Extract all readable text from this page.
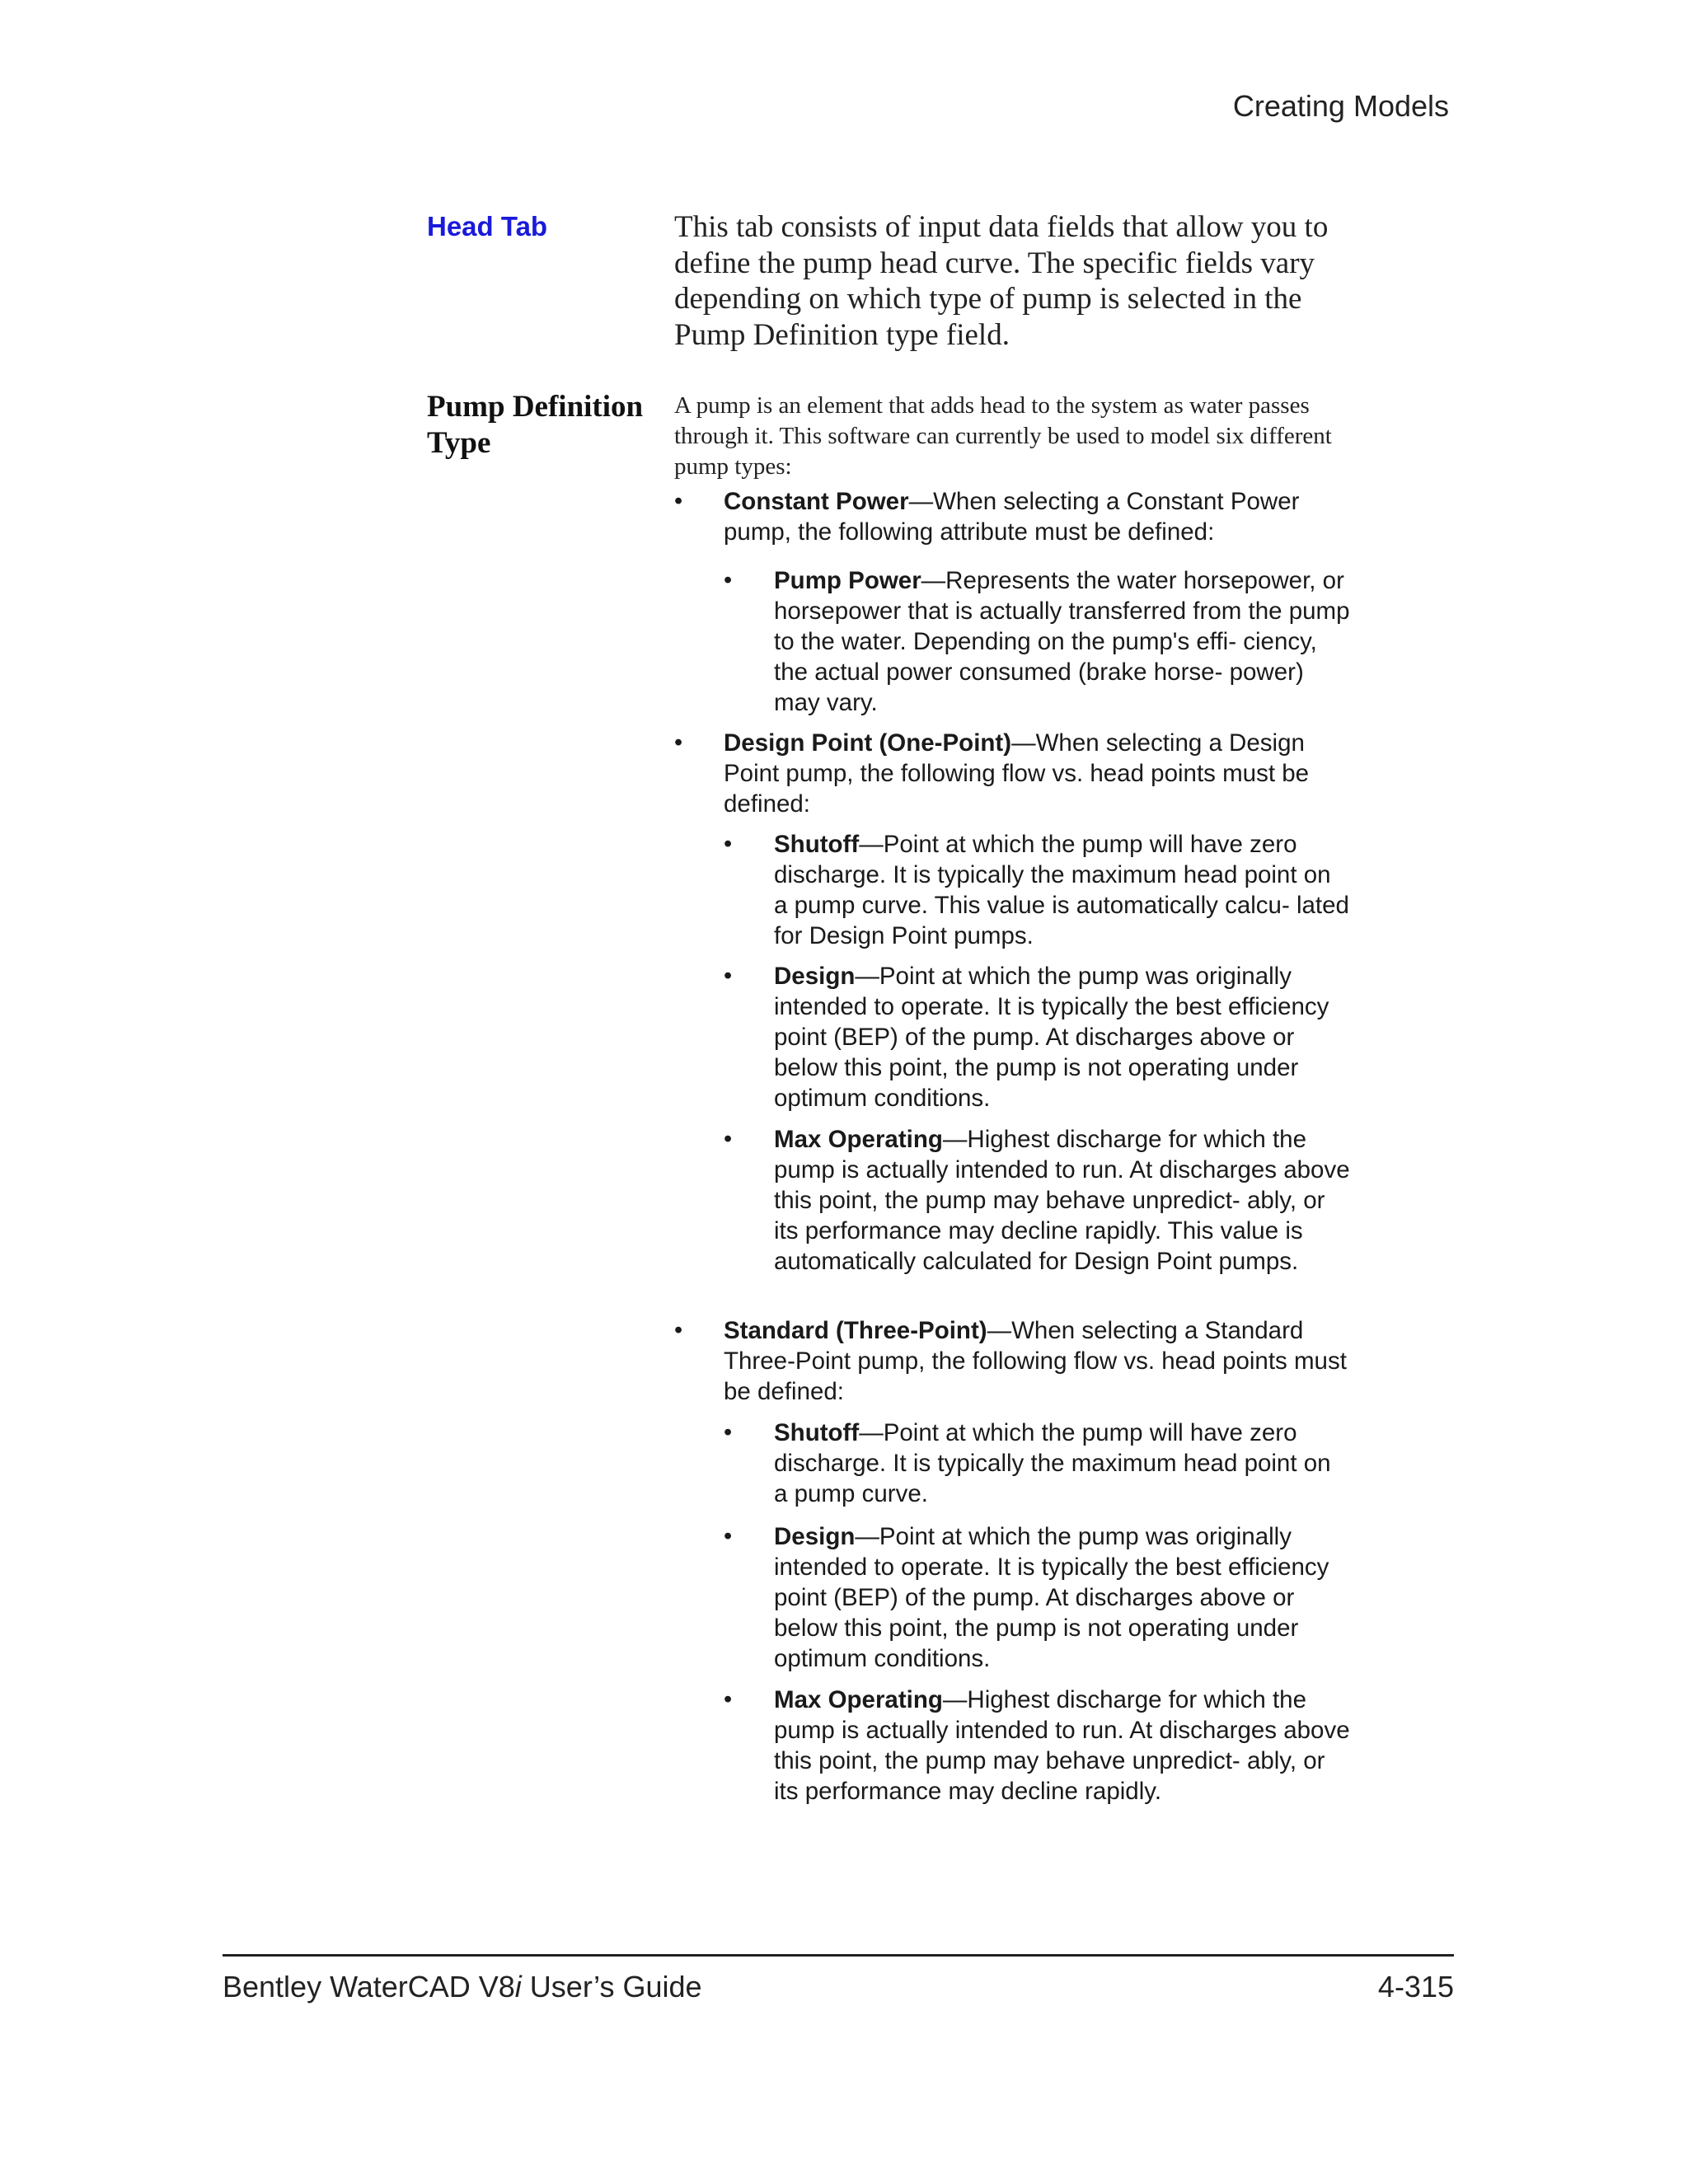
Creating Models
Head Tab	This tab consists of input data fields that allow you to define the pump head curve. The specific fields vary depending on which type of pump is selected in the Pump Definition type field.
Pump Definition Type
A pump is an element that adds head to the system as water passes through it. This software can currently be used to model six different pump types:
• Constant Power—When selecting a Constant Power pump, the following attribute must be defined:
• Pump Power—Represents the water horsepower, or horsepower that is actually transferred from the pump to the water. Depending on the pump's effi- ciency, the actual power consumed (brake horse- power) may vary.
• Design Point (One-Point)—When selecting a Design Point pump, the following flow vs. head points must be defined:
• Shutoff—Point at which the pump will have zero discharge. It is typically the maximum head point on a pump curve. This value is automatically calcu- lated for Design Point pumps.
• Design—Point at which the pump was originally intended to operate. It is typically the best efficiency point (BEP) of the pump. At discharges above or below this point, the pump is not operating under optimum conditions.
• Max Operating—Highest discharge for which the pump is actually intended to run. At discharges above this point, the pump may behave unpredict- ably, or its performance may decline rapidly. This value is automatically calculated for Design Point pumps.
• Standard (Three-Point)—When selecting a Standard Three-Point pump, the following flow vs. head points must be defined:
• Shutoff—Point at which the pump will have zero discharge. It is typically the maximum head point on a pump curve.
• Design—Point at which the pump was originally intended to operate. It is typically the best efficiency point (BEP) of the pump. At discharges above or below this point, the pump is not operating under optimum conditions.
• Max Operating—Highest discharge for which the pump is actually intended to run. At discharges above this point, the pump may behave unpredict- ably, or its performance may decline rapidly.
Bentley WaterCAD V8i User’s Guide	4-315
